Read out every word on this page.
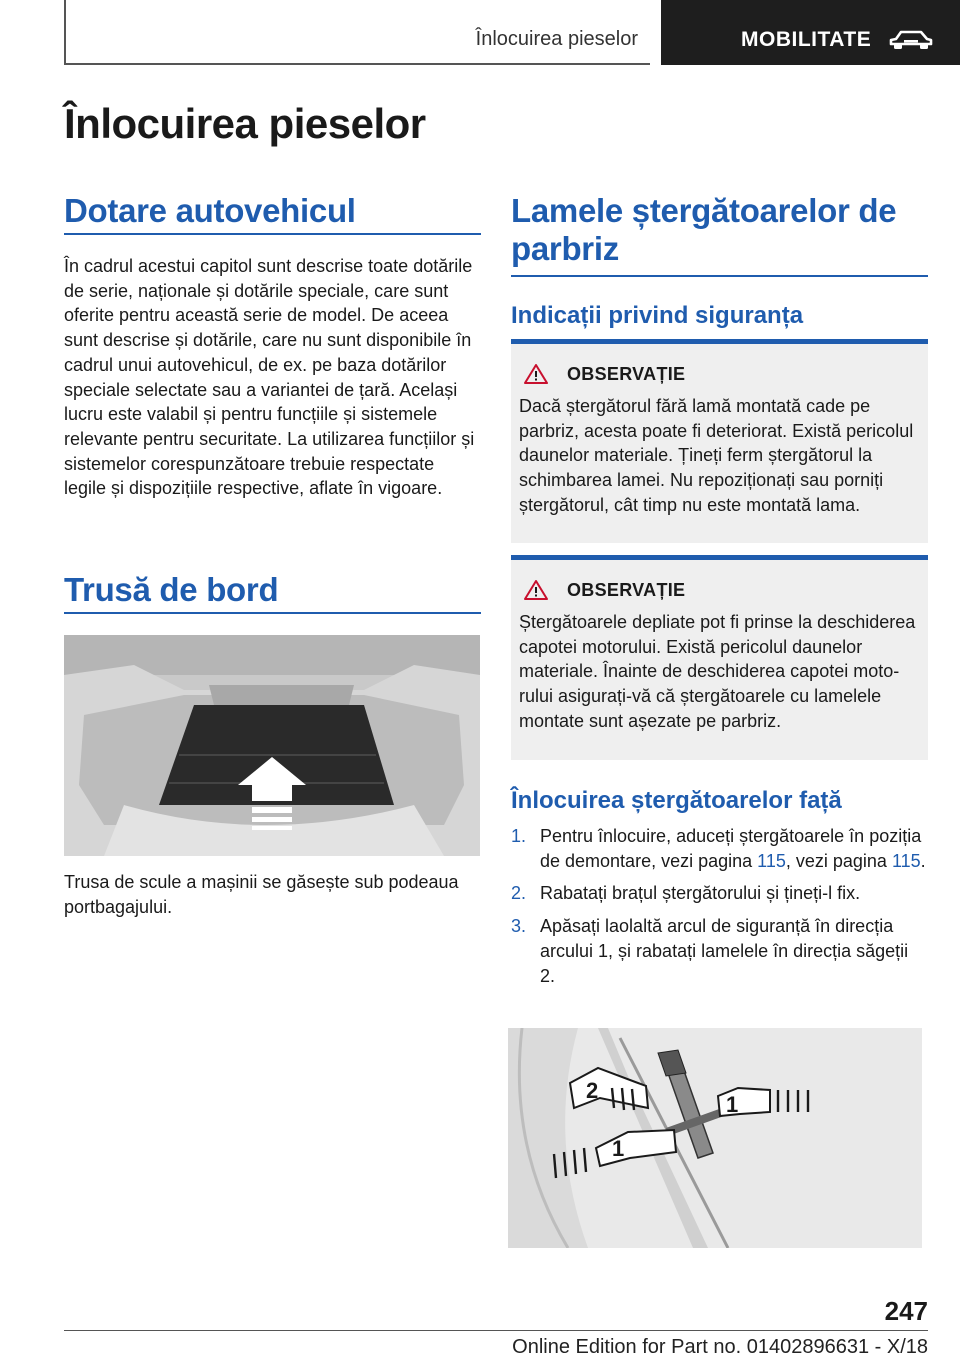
Înlocuirea pieselor	MOBILITATE
Înlocuirea pieselor
Dotare autovehicul

În cadrul acestui capitol sunt descrise toate dotările de serie, naționale și dotările speciale, care sunt oferite pentru această serie de model. De aceea sunt descrise și dotările, care nu sunt disponibile în cadrul unui autovehicul, de ex. pe baza dotărilor speciale selectate sau a variantei de țară. Același lucru este valabil și pentru funcțiile și sistemele relevante pentru securitate. La utilizarea funcțiilor și sistemelor corespunzătoare trebuie respectate legile și dispozițiile respective, aflate în vigoare.

Trusă de bord

Trusa de scule a mașinii se găsește sub podeaua portbagajului.

Lamele ștergătoarelor de parbriz
Indicații privind siguranța
OBSERVAȚIE
Dacă ștergătorul fără lamă montată cade pe parbriz, acesta poate fi deteriorat. Există pericolul daunelor materiale. Țineți ferm ștergătorul la schimbarea lamei. Nu repoziționați sau porniți ștergătorul, cât timp nu este montată lama.
OBSERVAȚIE
Ștergătoarele depliate pot fi prinse la deschiderea capotei motorului. Există pericolul daunelor materiale. Înainte de deschiderea capotei motorului asigurați-vă că ștergătoarele cu lamelele montate sunt așezate pe parbriz.
Înlocuirea ștergătoarelor față
1. Pentru înlocuire, aduceți ștergătoarele în poziția de demontare, vezi pagina 115, vezi pagina 115.
2. Rabatați brațul ștergătorului și țineți-l fix.
3. Apăsați laolaltă arcul de siguranță în direcția arcului 1, și rabatați lamelele în direcția săgeții 2.
2
1
1
247
Online Edition for Part no. 01402896631 - X/18
